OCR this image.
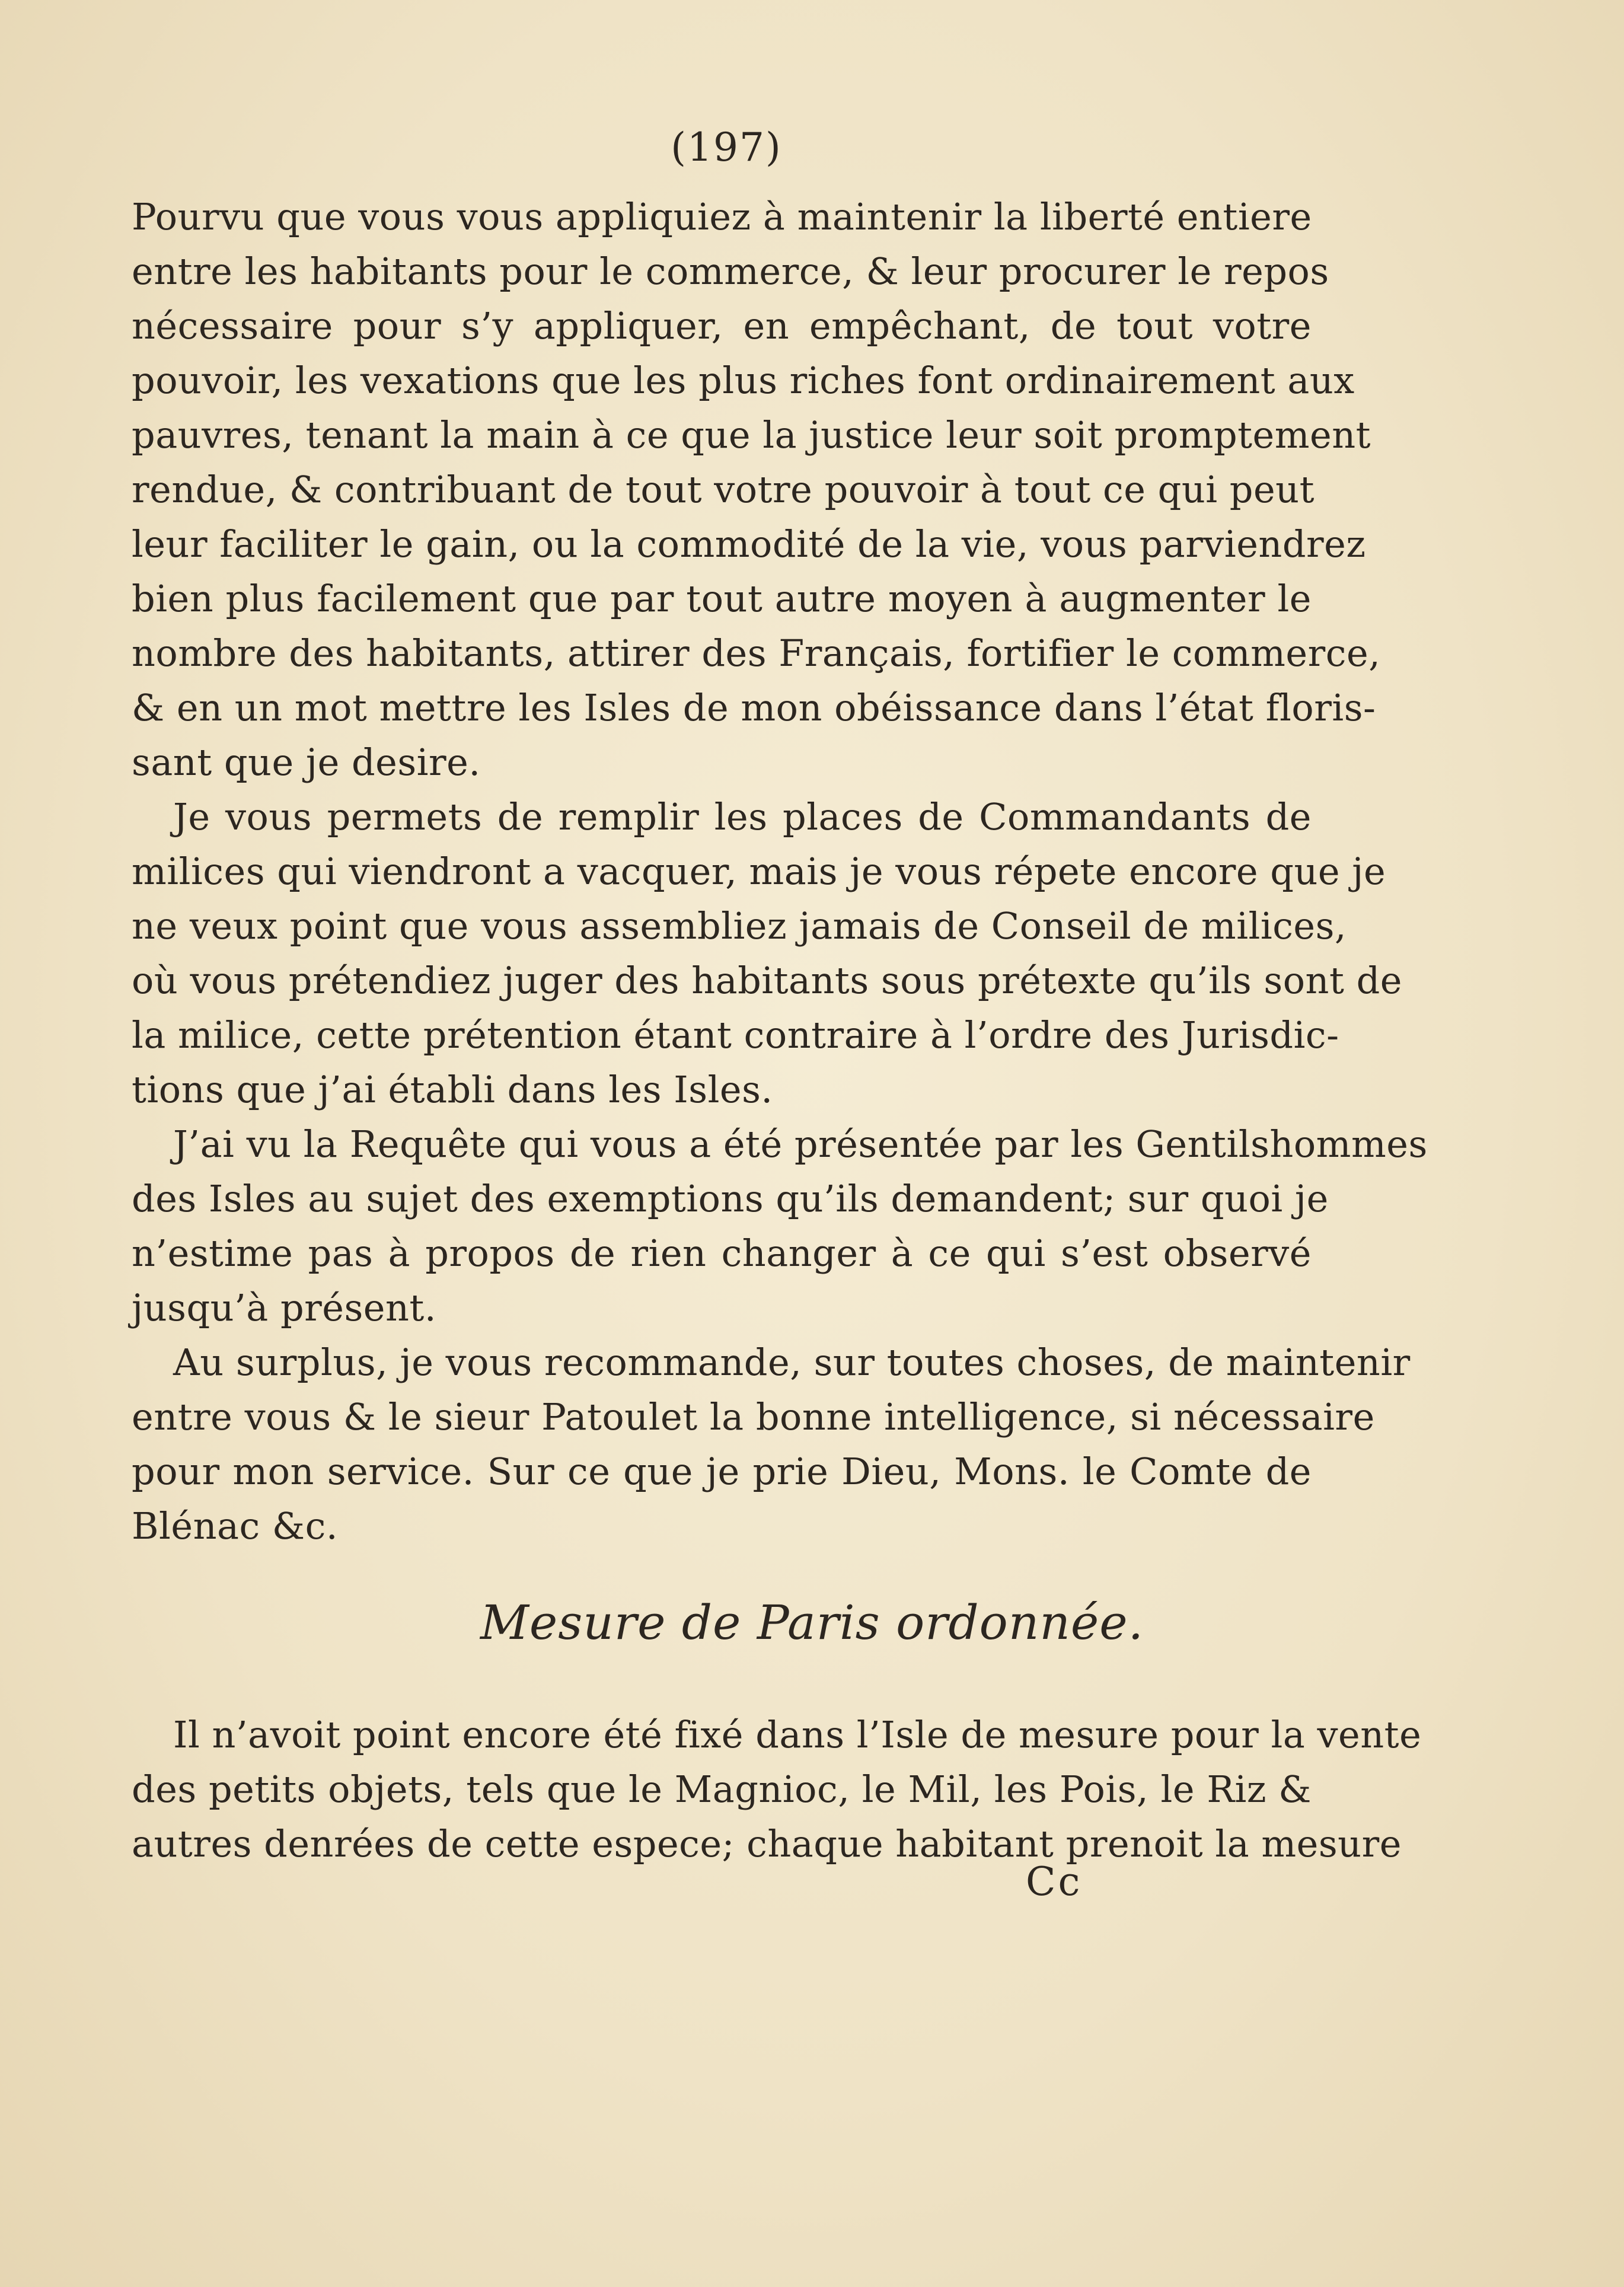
(197)
Pourvu que vous vous appliquiez à maintenir la liberté entiere
entre les habitants pour le commerce, & leur procurer le repos
nécessaire pour s’y appliquer, en empêchant, de tout votre
pouvoir, les vexations que les plus riches font ordinairement aux
pauvres, tenant la main à ce que la justice leur soit promptement
rendue, & contribuant de tout votre pouvoir à tout ce qui peut
leur faciliter le gain, ou la commodité de la vie, vous parviendrez
bien plus facilement que par tout autre moyen à augmenter le
nombre des habitants, attirer des Français, fortifier le commerce,
& en un mot mettre les Isles de mon obéissance dans l’état floris-
sant que je desire.
Je vous permets de remplir les places de Commandants de
milices qui viendront a vacquer, mais je vous répete encore que je
ne veux point que vous assembliez jamais de Conseil de milices,
où vous prétendiez juger des habitants sous prétexte qu’ils sont de
la milice, cette prétention étant contraire à l’ordre des Jurisdic-
tions que j’ai établi dans les Isles.
J’ai vu la Requête qui vous a été présentée par les Gentilshommes
des Isles au sujet des exemptions qu’ils demandent; sur quoi je
n’estime pas à propos de rien changer à ce qui s’est observé
jusqu’à présent.
Au surplus, je vous recommande, sur toutes choses, de maintenir
entre vous & le sieur Patoulet la bonne intelligence, si nécessaire
pour mon service. Sur ce que je prie Dieu, Mons. le Comte de
Blénac &c.
Mesure de Paris ordonnée.
Il n’avoit point encore été fixé dans l’Isle de mesure pour la vente
des petits objets, tels que le Magnioc, le Mil, les Pois, le Riz &
autres denrées de cette espece; chaque habitant prenoit la mesure
Cc
